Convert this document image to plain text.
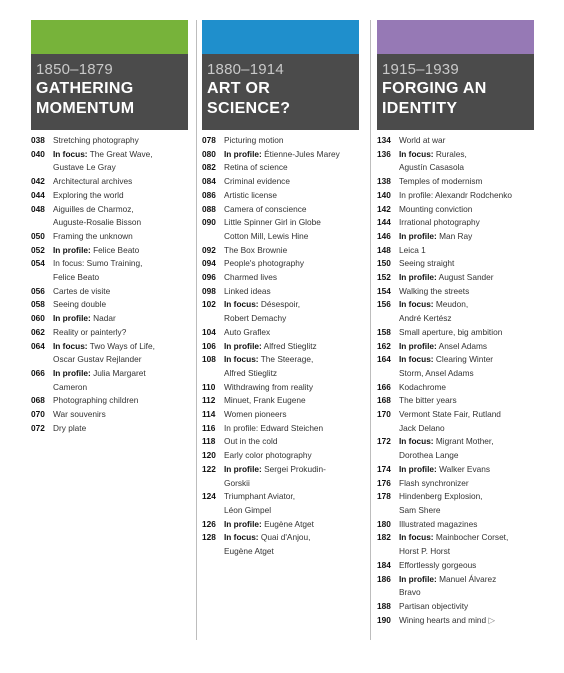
1850–1879
GATHERING
MOMENTUM
038 Stretching photography
040 In focus: The Great Wave,
Gustave Le Gray
042 Architectural archives
044 Exploring the world
048 Aiguilles de Charmoz,
Auguste-Rosalie Bisson
050 Framing the unknown
052 In profile: Felice Beato
054 In focus: Sumo Training,
Felice Beato
056 Cartes de visite
058 Seeing double
060 In profile: Nadar
062 Reality or painterly?
064 In focus: Two Ways of Life,
Oscar Gustav Rejlander
066 In profile: Julia Margaret
Cameron
068 Photographing children
070 War souvenirs
072 Dry plate
1880–1914
ART OR
SCIENCE?
078 Picturing motion
080 In profile: Étienne-Jules Marey
082 Retina of science
084 Criminal evidence
086 Artistic license
088 Camera of conscience
090 Little Spinner Girl in Globe
Cotton Mill, Lewis Hine
092 The Box Brownie
094 People's photography
096 Charmed lives
098 Linked ideas
102 In focus: Désespoir,
Robert Demachy
104 Auto Graflex
106 In profile: Alfred Stieglitz
108 In focus: The Steerage,
Alfred Stieglitz
110	Withdrawing from reality
112	Minuet, Frank Eugene
114	Women pioneers
116	In profile: Edward Steichen
118	Out in the cold
120 Early color photography
122 In profile: Sergei Prokudin-
Gorskii
124 Triumphant Aviator,
Léon Gimpel
126 In profile: Eugène Atget
128 In focus: Quai d'Anjou,
Eugène Atget
1915–1939
FORGING AN
IDENTITY
134 World at war
136 In focus: Rurales,
Agustín Casasola
138 Temples of modernism
140 In profile: Alexandr Rodchenko
142 Mounting conviction
144 Irrational photography
146 In profile: Man Ray
148 Leica 1
150 Seeing straight
152 In profile: August Sander
154 Walking the streets
156 In focus: Meudon,
André Kertész
158 Small aperture, big ambition
162 In profile: Ansel Adams
164 In focus: Clearing Winter
Storm, Ansel Adams
166 Kodachrome
168 The bitter years
170 Vermont State Fair, Rutland
Jack Delano
172 In focus: Migrant Mother,
Dorothea Lange
174 In profile: Walker Evans
176 Flash synchronizer
178 Hindenberg Explosion,
Sam Shere
180 Illustrated magazines
182 In focus: Mainbocher Corset,
Horst P. Horst
184 Effortlessly gorgeous
186 In profile: Manuel Álvarez
Bravo
188 Partisan objectivity
190 Wining hearts and mind ▷
